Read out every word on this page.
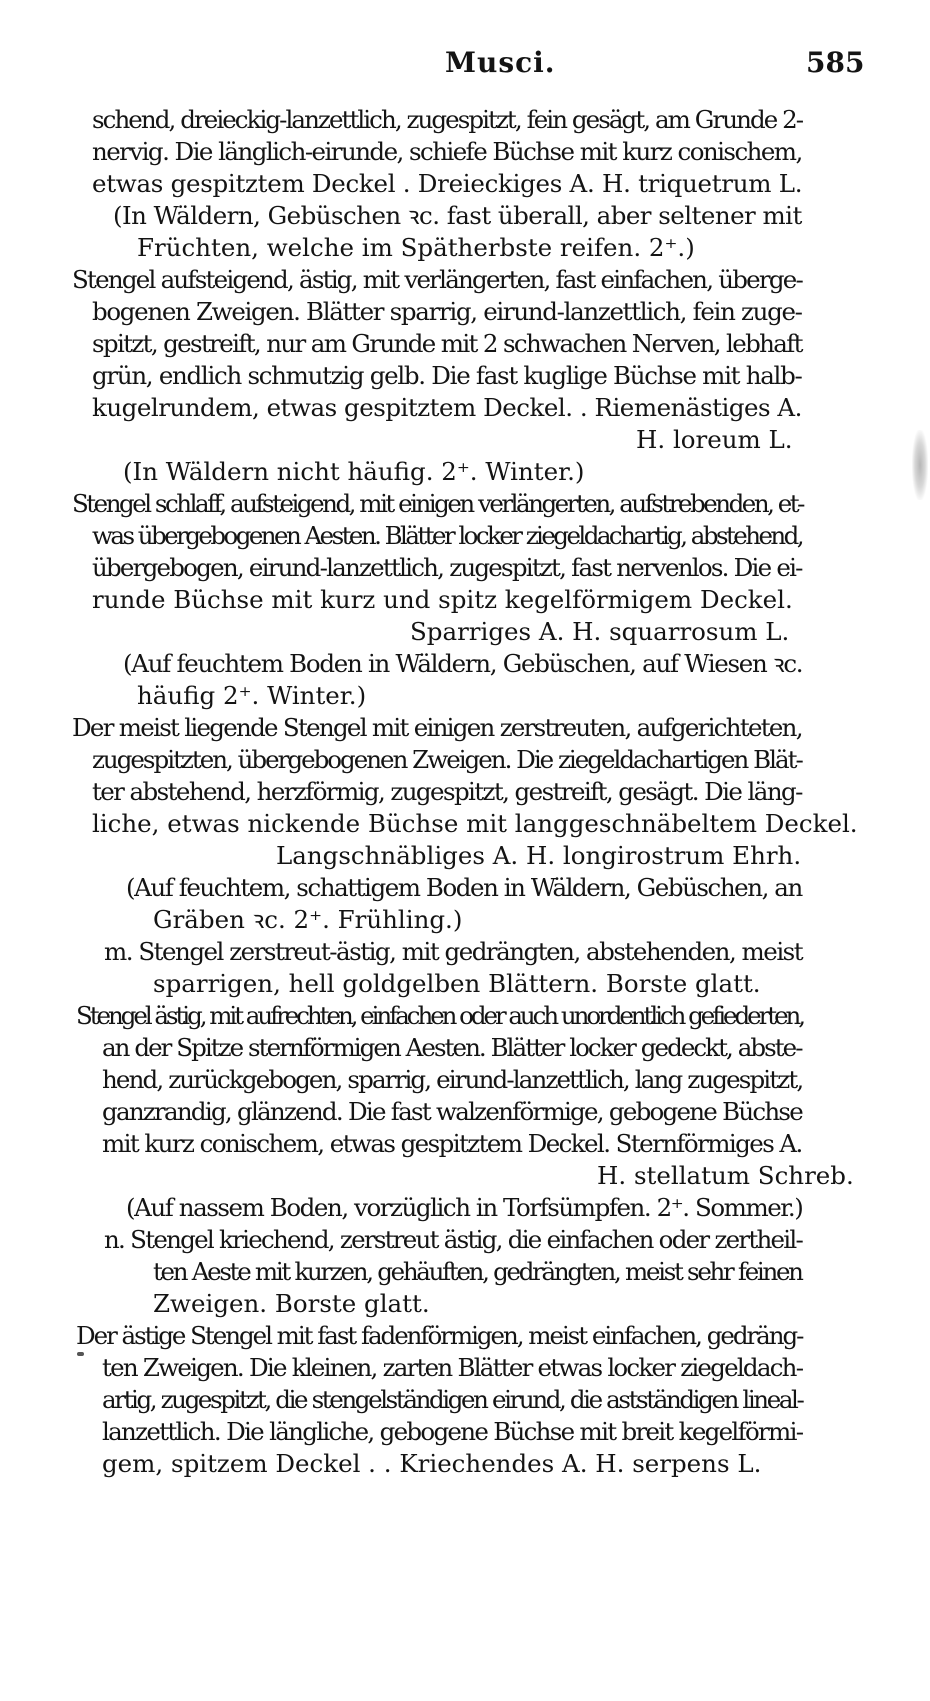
Musci.	585
schend, dreieckig-lanzettlich, zugespitzt, fein gesägt, am Grunde 2-
nervig. Die länglich-eirunde, schiefe Büchse mit kurz conischem,
etwas gespitztem Deckel . Dreieckiges A. H. triquetrum L.
(In Wäldern, Gebüschen ꝛc. fast überall, aber seltener mit
Früchten, welche im Spätherbste reifen. 2⁺.)
Stengel aufsteigend, ästig, mit verlängerten, fast einfachen, überge-
bogenen Zweigen. Blätter sparrig, eirund-lanzettlich, fein zuge-
spitzt, gestreift, nur am Grunde mit 2 schwachen Nerven, lebhaft
grün, endlich schmutzig gelb. Die fast kuglige Büchse mit halb-
kugelrundem, etwas gespitztem Deckel. . Riemenästiges A.
H. loreum L.
(In Wäldern nicht häufig. 2⁺. Winter.)
Stengel schlaff, aufsteigend, mit einigen verlängerten, aufstrebenden, et-
was übergebogenen Aesten. Blätter locker ziegeldachartig, abstehend,
übergebogen, eirund-lanzettlich, zugespitzt, fast nervenlos. Die ei-
runde Büchse mit kurz und spitz kegelförmigem Deckel.
Sparriges A. H. squarrosum L.
(Auf feuchtem Boden in Wäldern, Gebüschen, auf Wiesen ꝛc.
häufig 2⁺. Winter.)
Der meist liegende Stengel mit einigen zerstreuten, aufgerichteten,
zugespitzten, übergebogenen Zweigen. Die ziegeldachartigen Blät-
ter abstehend, herzförmig, zugespitzt, gestreift, gesägt. Die läng-
liche, etwas nickende Büchse mit langgeschnäbeltem Deckel.
Langschnäbliges A. H. longirostrum Ehrh.
(Auf feuchtem, schattigem Boden in Wäldern, Gebüschen, an
Gräben ꝛc. 2⁺. Frühling.)
m. Stengel zerstreut-ästig, mit gedrängten, abstehenden, meist
sparrigen, hell goldgelben Blättern. Borste glatt.
Stengel ästig, mit aufrechten, einfachen oder auch unordentlich gefiederten,
an der Spitze sternförmigen Aesten. Blätter locker gedeckt, abste-
hend, zurückgebogen, sparrig, eirund-lanzettlich, lang zugespitzt,
ganzrandig, glänzend. Die fast walzenförmige, gebogene Büchse
mit kurz conischem, etwas gespitztem Deckel. Sternförmiges A.
H. stellatum Schreb.
(Auf nassem Boden, vorzüglich in Torfsümpfen. 2⁺. Sommer.)
n. Stengel kriechend, zerstreut ästig, die einfachen oder zertheil-
ten Aeste mit kurzen, gehäuften, gedrängten, meist sehr feinen
Zweigen. Borste glatt.
Der ästige Stengel mit fast fadenförmigen, meist einfachen, gedräng-
ten Zweigen. Die kleinen, zarten Blätter etwas locker ziegeldach-
artig, zugespitzt, die stengelständigen eirund, die astständigen lineal-
lanzettlich. Die längliche, gebogene Büchse mit breit kegelförmi-
gem, spitzem Deckel . . Kriechendes A. H. serpens L.
